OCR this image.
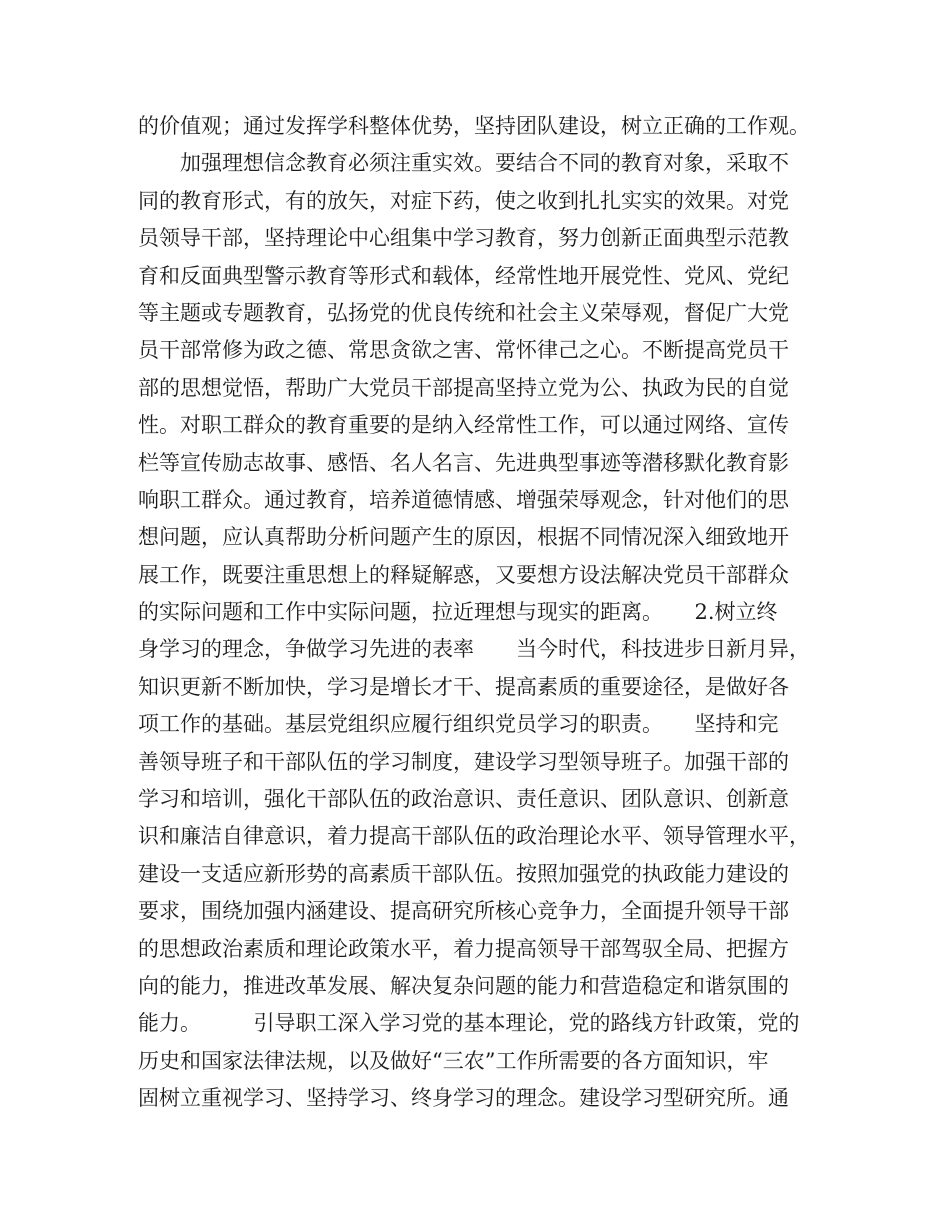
的价值观；通过发挥学科整体优势，坚持团队建设，树立正确的工作观。
　　加强理想信念教育必须注重实效。要结合不同的教育对象，采取不
同的教育形式，有的放矢，对症下药，使之收到扎扎实实的效果。对党
员领导干部，坚持理论中心组集中学习教育，努力创新正面典型示范教
育和反面典型警示教育等形式和载体，经常性地开展党性、党风、党纪
等主题或专题教育，弘扬党的优良传统和社会主义荣辱观，督促广大党
员干部常修为政之德、常思贪欲之害、常怀律己之心。不断提高党员干
部的思想觉悟，帮助广大党员干部提高坚持立党为公、执政为民的自觉
性。对职工群众的教育重要的是纳入经常性工作，可以通过网络、宣传
栏等宣传励志故事、感悟、名人名言、先进典型事迹等潜移默化教育影
响职工群众。通过教育，培养道德情感、增强荣辱观念，针对他们的思
想问题，应认真帮助分析问题产生的原因，根据不同情况深入细致地开
展工作，既要注重思想上的释疑解惑，又要想方设法解决党员干部群众
的实际问题和工作中实际问题，拉近理想与现实的距离。　　2.树立终
身学习的理念，争做学习先进的表率　　当今时代，科技进步日新月异，
知识更新不断加快，学习是增长才干、提高素质的重要途径，是做好各
项工作的基础。基层党组织应履行组织党员学习的职责。　　坚持和完
善领导班子和干部队伍的学习制度，建设学习型领导班子。加强干部的
学习和培训，强化干部队伍的政治意识、责任意识、团队意识、创新意
识和廉洁自律意识，着力提高干部队伍的政治理论水平、领导管理水平，
建设一支适应新形势的高素质干部队伍。按照加强党的执政能力建设的
要求，围绕加强内涵建设、提高研究所核心竞争力，全面提升领导干部
的思想政治素质和理论政策水平，着力提高领导干部驾驭全局、把握方
向的能力，推进改革发展、解决复杂问题的能力和营造稳定和谐氛围的
能力。　　　引导职工深入学习党的基本理论，党的路线方针政策，党的
历史和国家法律法规，以及做好“三农”工作所需要的各方面知识，牢
固树立重视学习、坚持学习、终身学习的理念。建设学习型研究所。通
